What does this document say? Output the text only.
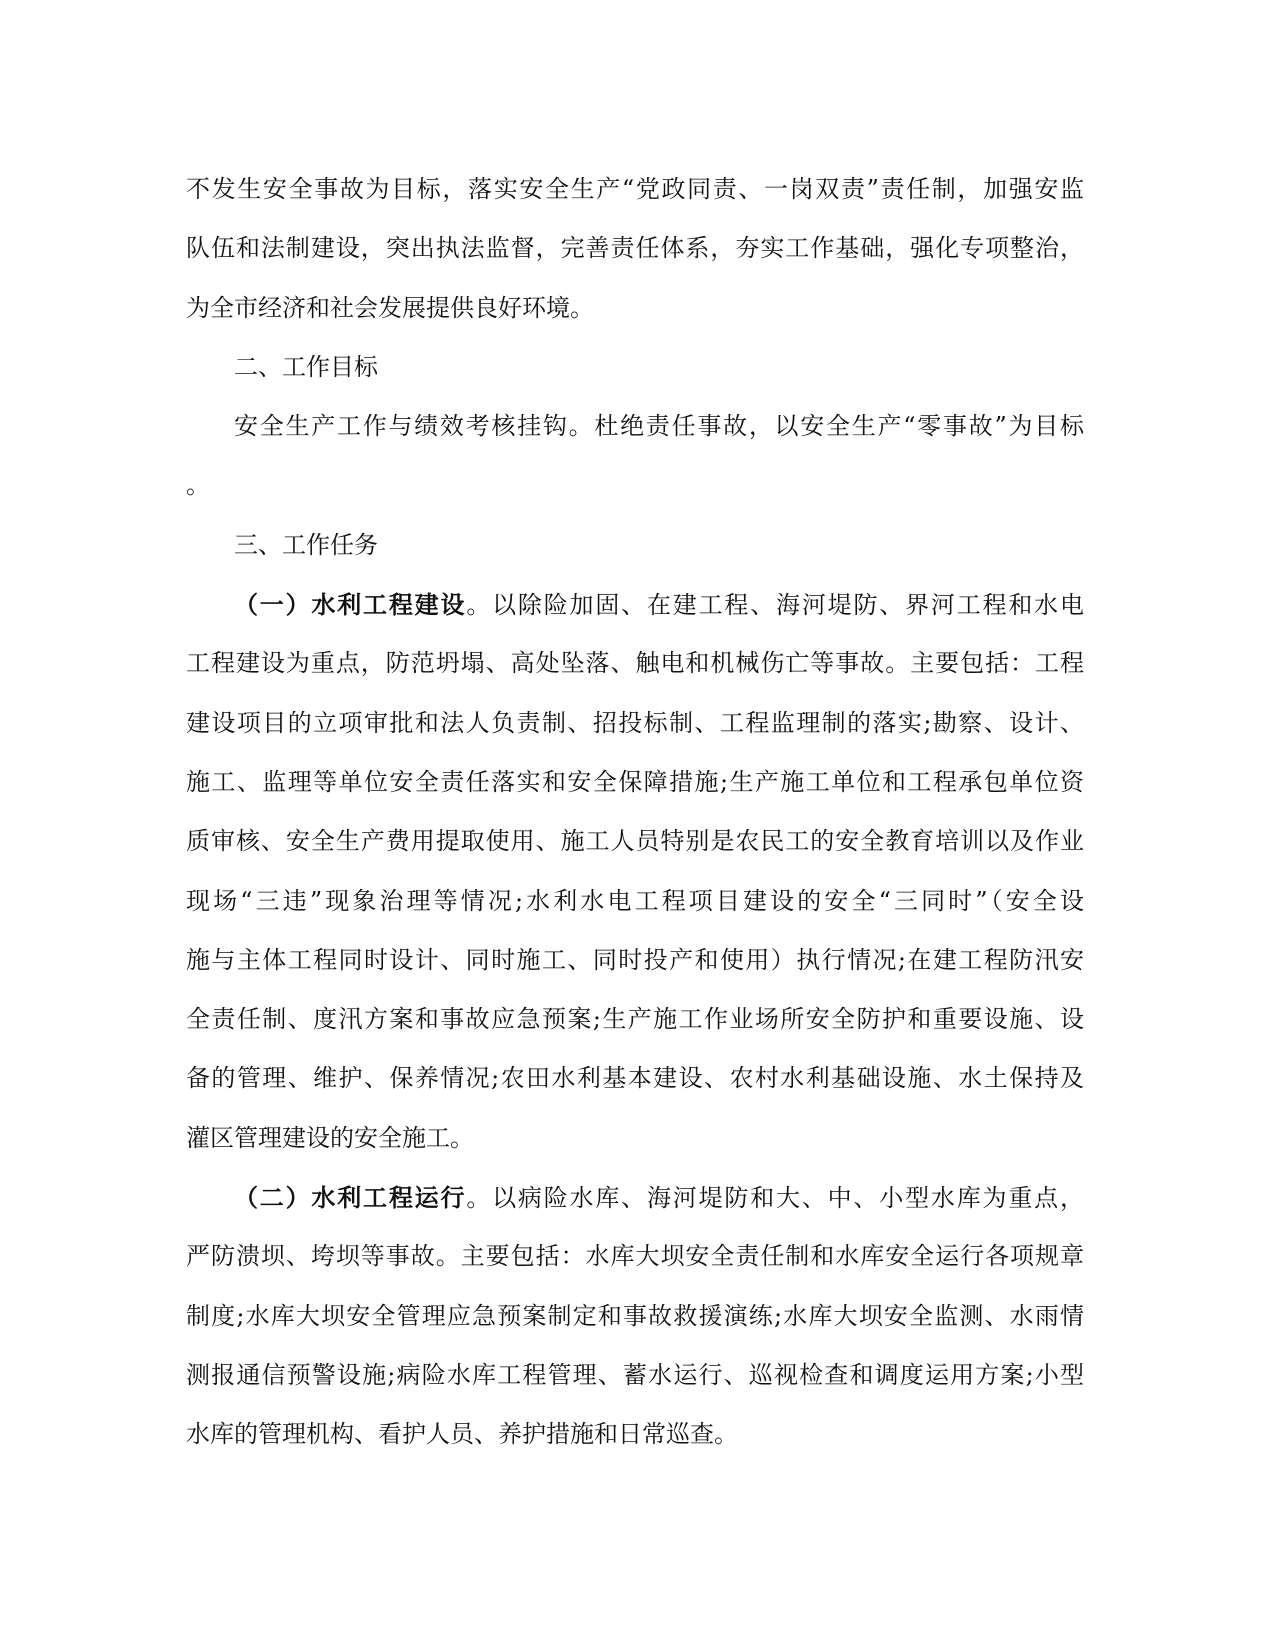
不发生安全事故为目标，落实安全生产“党政同责、一岗双责”责任制，加强安监
队伍和法制建设，突出执法监督，完善责任体系，夯实工作基础，强化专项整治，
为全市经济和社会发展提供良好环境。
二、工作目标
安全生产工作与绩效考核挂钩。杜绝责任事故，以安全生产“零事故”为目标
。
三、工作任务
（一）水利工程建设。以除险加固、在建工程、海河堤防、界河工程和水电
工程建设为重点，防范坍塌、高处坠落、触电和机械伤亡等事故。主要包括：工程
建设项目的立项审批和法人负责制、招投标制、工程监理制的落实;勘察、设计、
施工、监理等单位安全责任落实和安全保障措施;生产施工单位和工程承包单位资
质审核、安全生产费用提取使用、施工人员特别是农民工的安全教育培训以及作业
现场“三违”现象治理等情况;水利水电工程项目建设的安全“三同时”（安全设
施与主体工程同时设计、同时施工、同时投产和使用）执行情况;在建工程防汛安
全责任制、度汛方案和事故应急预案;生产施工作业场所安全防护和重要设施、设
备的管理、维护、保养情况;农田水利基本建设、农村水利基础设施、水土保持及
灌区管理建设的安全施工。
（二）水利工程运行。以病险水库、海河堤防和大、中、小型水库为重点，
严防溃坝、垮坝等事故。主要包括：水库大坝安全责任制和水库安全运行各项规章
制度;水库大坝安全管理应急预案制定和事故救援演练;水库大坝安全监测、水雨情
测报通信预警设施;病险水库工程管理、蓄水运行、巡视检查和调度运用方案;小型
水库的管理机构、看护人员、养护措施和日常巡查。
